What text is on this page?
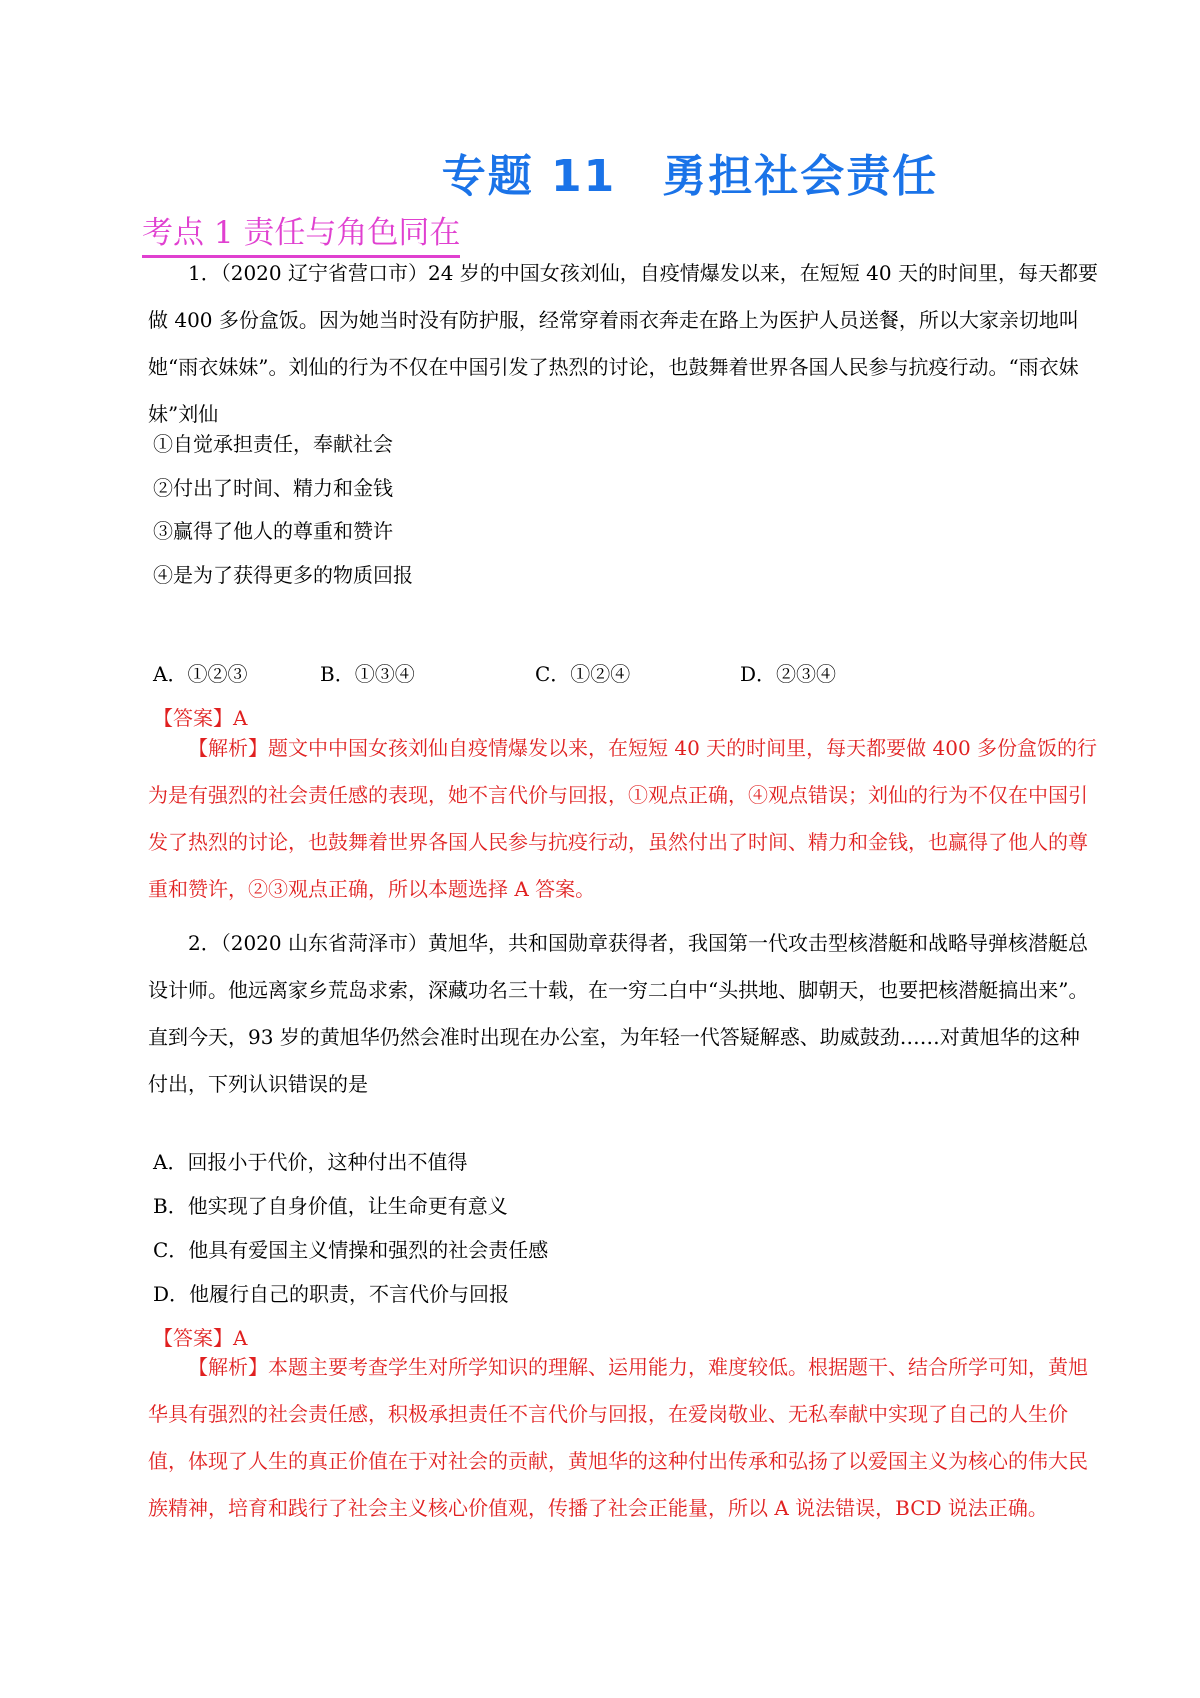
专题 11　勇担社会责任
考点 1 责任与角色同在

1．（2020 辽宁省营口市）24 岁的中国女孩刘仙，自疫情爆发以来，在短短 40 天的时间里，每天都要做 400 多份盒饭。因为她当时没有防护服，经常穿着雨衣奔走在路上为医护人员送餐，所以大家亲切地叫她“雨衣妹妹”。刘仙的行为不仅在中国引发了热烈的讨论，也鼓舞着世界各国人民参与抗疫行动。“雨衣妹妹”刘仙

①自觉承担责任，奉献社会
②付出了时间、精力和金钱
③赢得了他人的尊重和赞许
④是为了获得更多的物质回报
A．①②③	B．①③④	C．①②④	D．②③④
【答案】A

【解析】题文中中国女孩刘仙自疫情爆发以来，在短短 40 天的时间里，每天都要做 400 多份盒饭的行为是有强烈的社会责任感的表现，她不言代价与回报，①观点正确，④观点错误；刘仙的行为不仅在中国引发了热烈的讨论，也鼓舞着世界各国人民参与抗疫行动，虽然付出了时间、精力和金钱，也赢得了他人的尊重和赞许，②③观点正确，所以本题选择 A 答案。

2．（2020 山东省菏泽市）黄旭华，共和国勋章获得者，我国第一代攻击型核潜艇和战略导弹核潜艇总设计师。他远离家乡荒岛求索，深藏功名三十载，在一穷二白中“头拱地、脚朝天，也要把核潜艇搞出来”。直到今天，93 岁的黄旭华仍然会准时出现在办公室，为年轻一代答疑解惑、助威鼓劲……对黄旭华的这种付出，下列认识错误的是

A．回报小于代价，这种付出不值得
B．他实现了自身价值，让生命更有意义
C．他具有爱国主义情操和强烈的社会责任感
D．他履行自己的职责，不言代价与回报
【答案】A

【解析】本题主要考查学生对所学知识的理解、运用能力，难度较低。根据题干、结合所学可知，黄旭华具有强烈的社会责任感，积极承担责任不言代价与回报，在爱岗敬业、无私奉献中实现了自己的人生价值，体现了人生的真正价值在于对社会的贡献，黄旭华的这种付出传承和弘扬了以爱国主义为核心的伟大民族精神，培育和践行了社会主义核心价值观，传播了社会正能量，所以 A 说法错误，BCD 说法正确。
